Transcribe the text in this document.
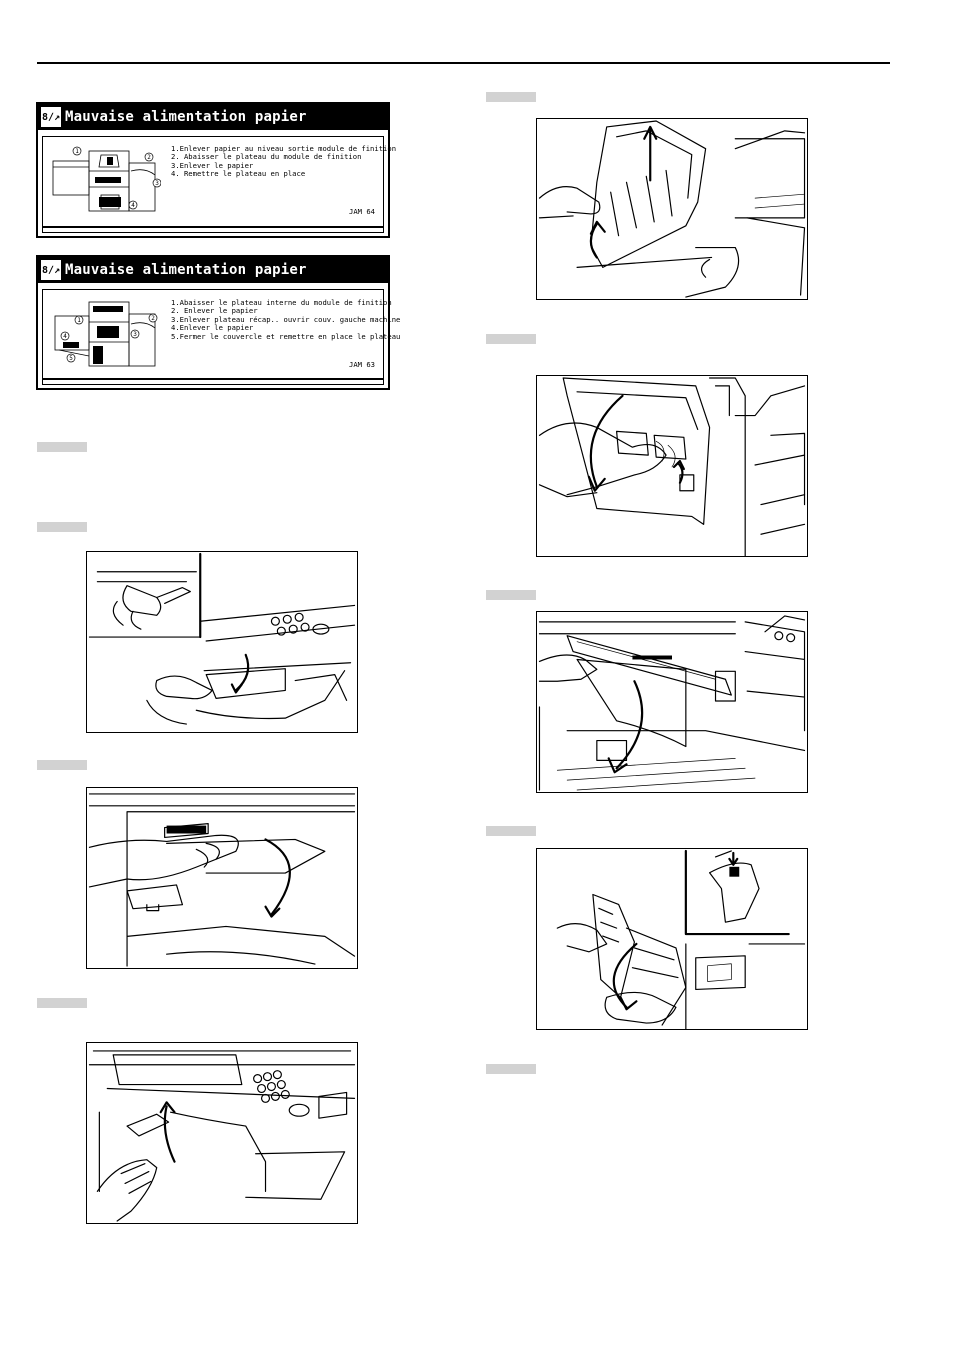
8∕↗ Mauvaise alimentation papier
1
2
3
4
1.Enlever papier au niveau sortie module de finition
2. Abaisser le plateau du module de finition
3.Enlever le papier
4. Remettre le plateau en place
JAM 64
8∕↗ Mauvaise alimentation papier
1	2
3
4
5
1.Abaisser le plateau interne du module de finition
2. Enlever le papier
3.Enlever plateau récap.. ouvrir couv. gauche machine
4.Enlever le papier
5.Fermer le couvercle et remettre en place le plateau
JAM 63
